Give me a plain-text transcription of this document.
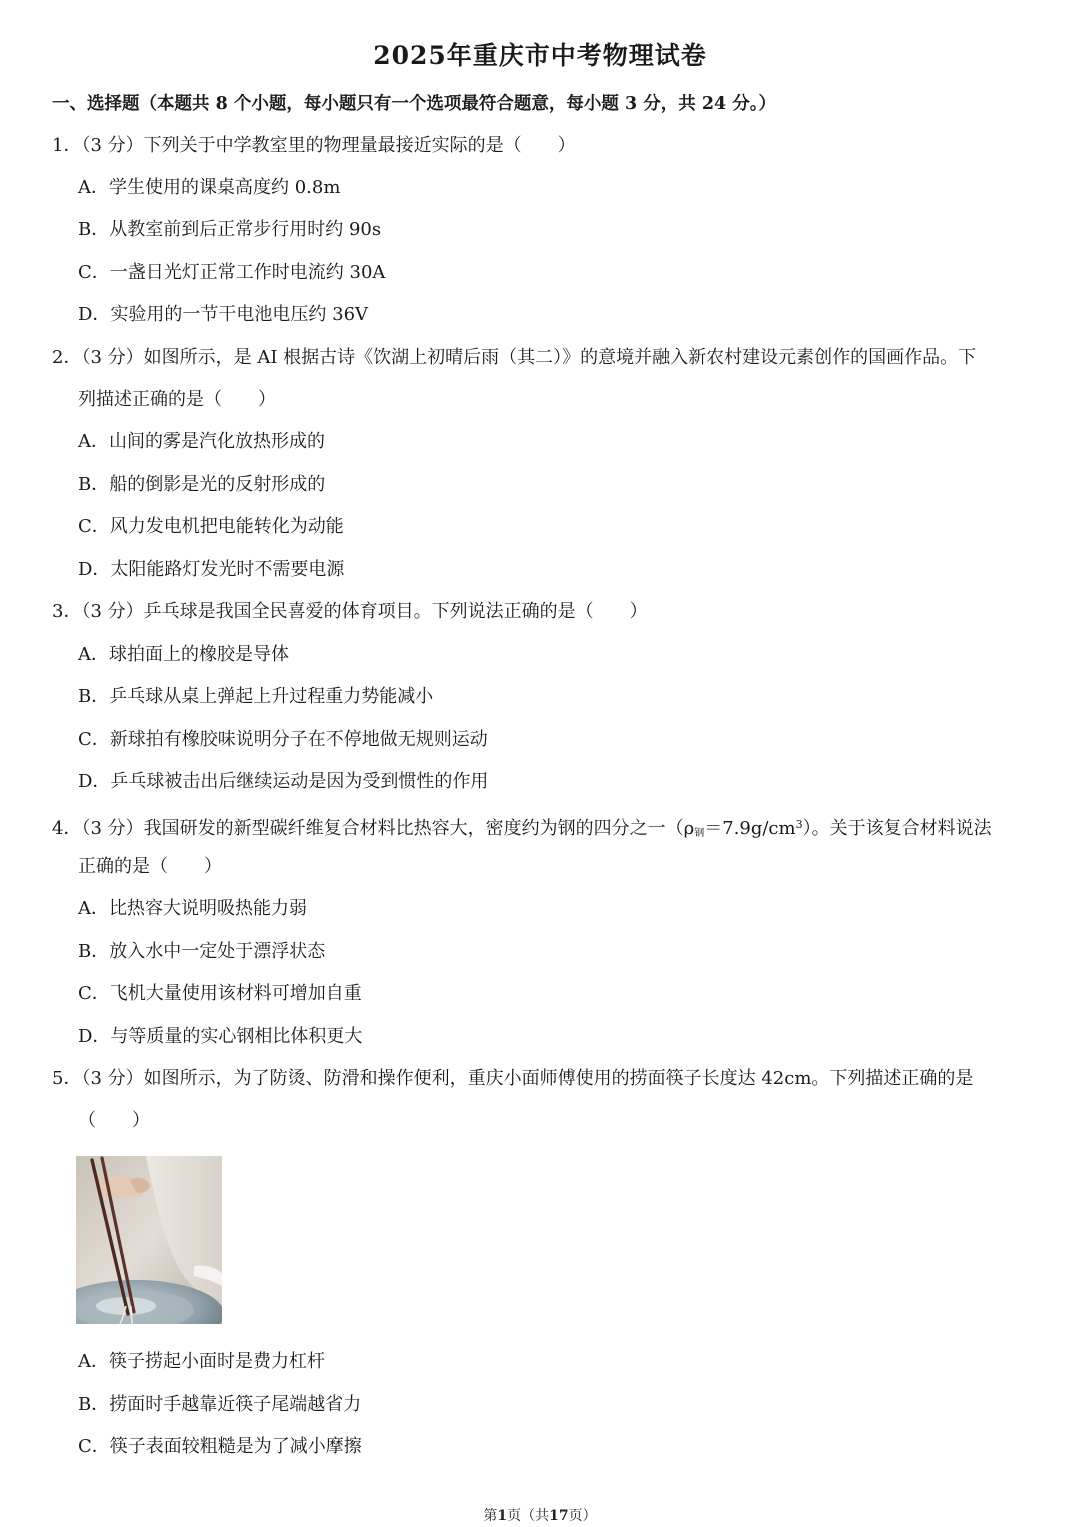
2025年重庆市中考物理试卷
一、选择题（本题共 8 个小题，每小题只有一个选项最符合题意，每小题 3 分，共 24 分。）
1．（3 分）下列关于中学教室里的物理量最接近实际的是（　　）
A．学生使用的课桌高度约 0.8m
B．从教室前到后正常步行用时约 90s
C．一盏日光灯正常工作时电流约 30A
D．实验用的一节干电池电压约 36V
2．（3 分）如图所示，是 AI 根据古诗《饮湖上初晴后雨（其二）》的意境并融入新农村建设元素创作的国画作品。下
列描述正确的是（　　）
A．山间的雾是汽化放热形成的
B．船的倒影是光的反射形成的
C．风力发电机把电能转化为动能
D．太阳能路灯发光时不需要电源
3．（3 分）乒乓球是我国全民喜爱的体育项目。下列说法正确的是（　　）
A．球拍面上的橡胶是导体
B．乒乓球从桌上弹起上升过程重力势能减小
C．新球拍有橡胶味说明分子在不停地做无规则运动
D．乒乓球被击出后继续运动是因为受到惯性的作用
4．（3 分）我国研发的新型碳纤维复合材料比热容大，密度约为钢的四分之一$(\rho_钢=7.9g/cm^3)$。关于该复合材料说法
正确的是（　　）
A．比热容大说明吸热能力弱
B．放入水中一定处于漂浮状态
C．飞机大量使用该材料可增加自重
D．与等质量的实心钢相比体积更大
5．（3 分）如图所示，为了防烫、防滑和操作便利，重庆小面师傅使用的捞面筷子长度达 42cm。下列描述正确的是
（　　）
A．筷子捞起小面时是费力杠杆
B．捞面时手越靠近筷子尾端越省力
C．筷子表面较粗糙是为了减小摩擦
第1页（共17页）
